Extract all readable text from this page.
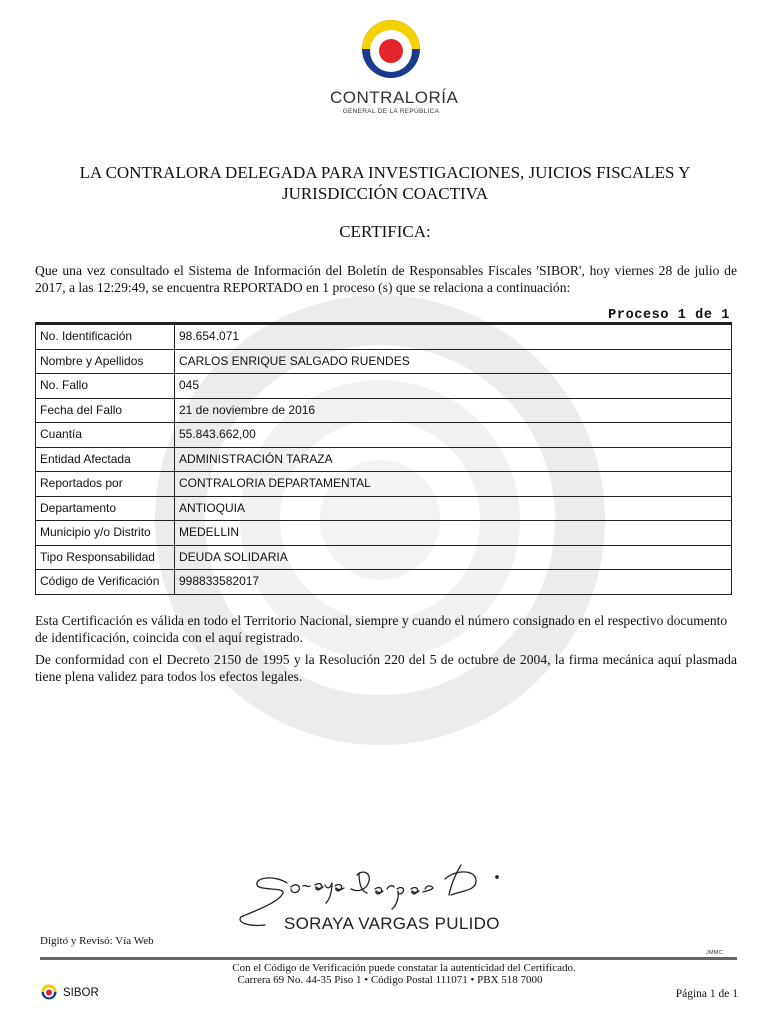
CONTRALORÍA
GENERAL DE LA REPÚBLICA
LA CONTRALORA DELEGADA PARA INVESTIGACIONES, JUICIOS FISCALES Y
JURISDICCIÓN COACTIVA
CERTIFICA:
Que una vez consultado el Sistema de Información del Boletín de Responsables Fiscales 'SIBOR', hoy viernes 28 de julio de 2017, a las 12:29:49, se encuentra REPORTADO en 1 proceso (s) que se relaciona a continuación:
Proceso 1 de 1
No. Identificación	98.654.071
Nombre y Apellidos	CARLOS ENRIQUE SALGADO RUENDES
No. Fallo	045
Fecha del Fallo	21 de noviembre de 2016
Cuantía	55.843.662,00
Entidad Afectada	ADMINISTRACIÓN TARAZA
Reportados por	CONTRALORIA DEPARTAMENTAL
Departamento	ANTIOQUIA
Municipio y/o Distrito	MEDELLIN
Tipo Responsabilidad	DEUDA SOLIDARIA
Código de Verificación	998833582017
Esta Certificación es válida en todo el Territorio Nacional, siempre y cuando el número consignado en el respectivo documento de identificación, coincida con el aquí registrado.
De conformidad con el Decreto 2150 de 1995 y la Resolución 220 del 5 de octubre de 2004, la firma mecánica aquí plasmada tiene plena validez para todos los efectos legales.
SORAYA VARGAS PULIDO
Digitó y Revisó: Vía Web
JMMC
Con el Código de Verificación puede constatar la autenticidad del Certificado.
Carrera 69 No. 44-35 Piso 1 • Código Postal 111071 • PBX 518 7000
SIBOR	Página 1 de 1
